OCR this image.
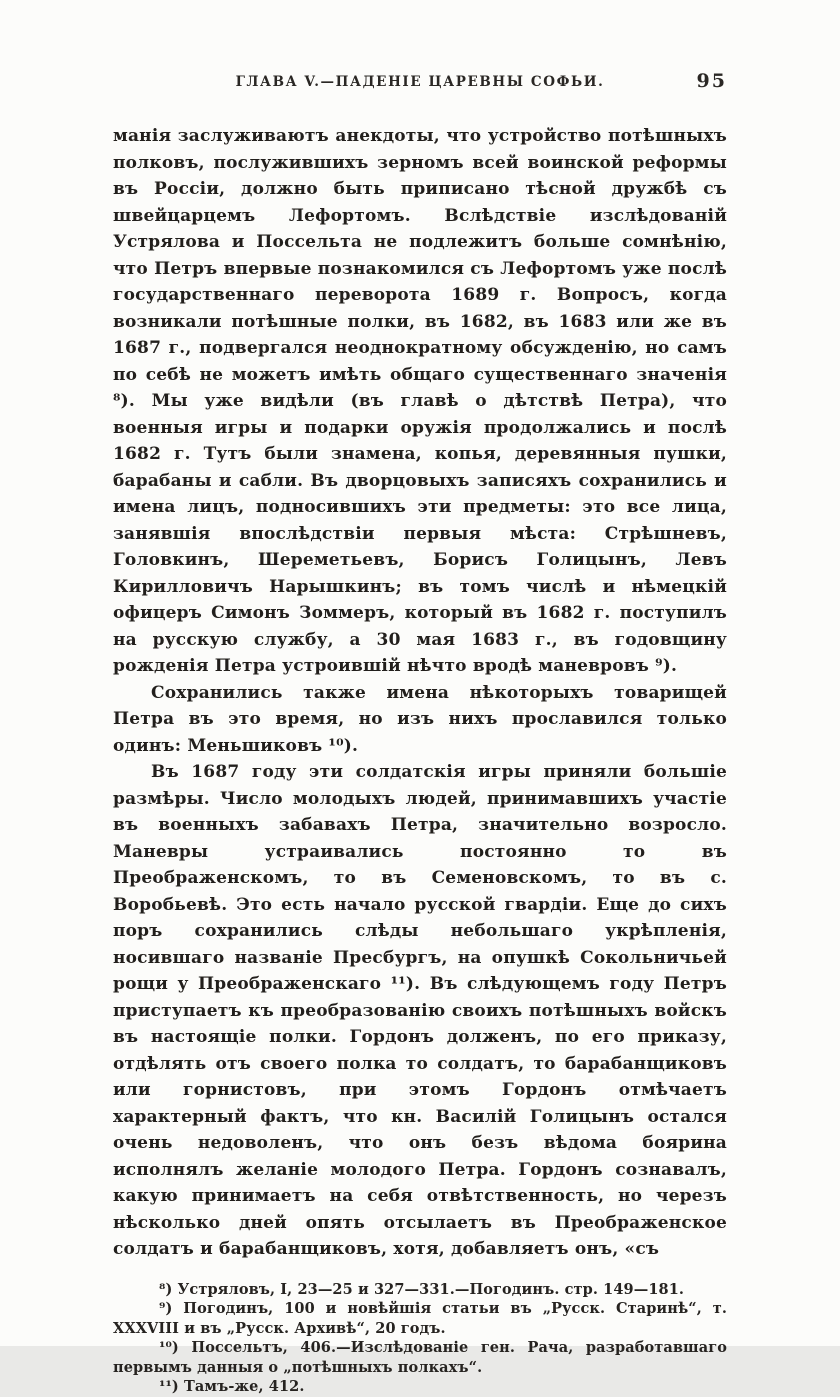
ГЛАВА V.—ПАДЕНІЕ ЦАРЕВНЫ СОФЬИ.	95

манія заслуживаютъ анекдоты, что устройство потѣшныхъ полковъ, послужившихъ зерномъ всей воинской реформы въ Россіи, должно быть приписано тѣсной дружбѣ съ швейцарцемъ Лефортомъ. Вслѣдствіе изслѣдованій Устрялова и Поссельта не подлежитъ больше сомнѣнію, что Петръ впервые познакомился съ Лефортомъ уже послѣ государственнаго переворота 1689 г. Вопросъ, когда возникали потѣшные полки, въ 1682, въ 1683 или же въ 1687 г., подвергался неоднократному обсужденію, но самъ по себѣ не можетъ имѣть общаго существеннаго значенія ⁸). Мы уже видѣли (въ главѣ о дѣтствѣ Петра), что военныя игры и подарки оружія продолжались и послѣ 1682 г. Тутъ были знамена, копья, деревянныя пушки, барабаны и сабли. Въ дворцовыхъ записяхъ сохранились и имена лицъ, подносившихъ эти предметы: это все лица, занявшія впослѣдствіи первыя мѣста: Стрѣшневъ, Головкинъ, Шереметьевъ, Борисъ Голицынъ, Левъ Кирилловичъ Нарышкинъ; въ томъ числѣ и нѣмецкій офицеръ Симонъ Зоммеръ, который въ 1682 г. поступилъ на русскую службу, а 30 мая 1683 г., въ годовщину рожденія Петра устроившій нѣчто вродѣ маневровъ ⁹).

Сохранились также имена нѣкоторыхъ товарищей Петра въ это время, но изъ нихъ прославился только одинъ: Меньшиковъ ¹⁰).

Въ 1687 году эти солдатскія игры приняли большіе размѣры. Число молодыхъ людей, принимавшихъ участіе въ военныхъ забавахъ Петра, значительно возросло. Маневры устраивались постоянно то въ Преображенскомъ, то въ Семеновскомъ, то въ с. Воробьевѣ. Это есть начало русской гвардіи. Еще до сихъ поръ сохранились слѣды небольшаго укрѣпленія, носившаго названіе Пресбургъ, на опушкѣ Сокольничьей рощи у Преображенскаго ¹¹). Въ слѣдующемъ году Петръ приступаетъ къ преобразованію своихъ потѣшныхъ войскъ въ настоящіе полки. Гордонъ долженъ, по его приказу, отдѣлять отъ своего полка то солдатъ, то барабанщиковъ или горнистовъ, при этомъ Гордонъ отмѣчаетъ характерный фактъ, что кн. Василій Голицынъ остался очень недоволенъ, что онъ безъ вѣдома боярина исполнялъ желаніе молодого Петра. Гордонъ сознавалъ, какую принимаетъ на себя отвѣтственность, но черезъ нѣсколько дней опять отсылаетъ въ Преображенское солдатъ и барабанщиковъ, хотя, добавляетъ онъ, «съ

⁸) Устряловъ, I, 23—25 и 327—331.—Погодинъ. стр. 149—181.

⁹) Погодинъ, 100 и новѣйшія статьи въ „Русск. Старинѣ“, т. XXXVIII и въ „Русск. Архивѣ“, 20 годъ.

¹⁰) Поссельтъ, 406.—Изслѣдованіе ген. Рача, разработавшаго первымъ данныя о „потѣшныхъ полкахъ“.

¹¹) Тамъ-же, 412.
